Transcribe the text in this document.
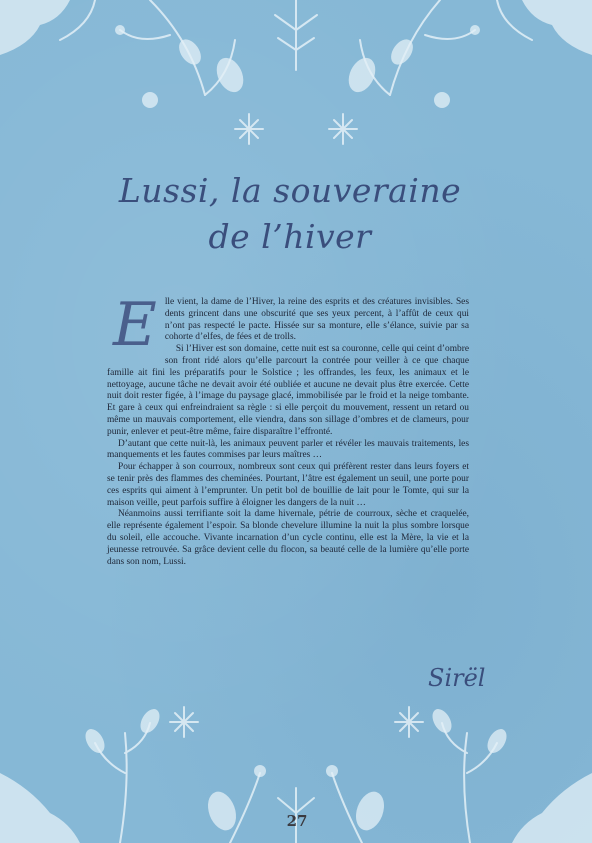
Lussi, la souveraine
de l’hiver

Elle vient, la dame de l’Hiver, la reine des esprits et des créatures invisibles. Ses dents grincent dans une obscurité que ses yeux percent, à l’affût de ceux qui n’ont pas respecté le pacte. Hissée sur sa monture, elle s’élance, suivie par sa cohorte d’elfes, de fées et de trolls.

Si l’Hiver est son domaine, cette nuit est sa couronne, celle qui ceint d’ombre son front ridé alors qu’elle parcourt la contrée pour veiller à ce que chaque famille ait fini les préparatifs pour le Solstice ; les offrandes, les feux, les animaux et le nettoyage, aucune tâche ne devait avoir été oubliée et aucune ne devait plus être exercée. Cette nuit doit rester figée, à l’image du paysage glacé, immobilisée par le froid et la neige tombante. Et gare à ceux qui enfreindraient sa règle : si elle perçoit du mouvement, ressent un retard ou même un mauvais comportement, elle viendra, dans son sillage d’ombres et de clameurs, pour punir, enlever et peut-être même, faire disparaître l’effronté.

D’autant que cette nuit-là, les animaux peuvent parler et révéler les mauvais traitements, les manquements et les fautes commises par leurs maîtres …

Pour échapper à son courroux, nombreux sont ceux qui préfèrent rester dans leurs foyers et se tenir près des flammes des cheminées. Pourtant, l’âtre est également un seuil, une porte pour ces esprits qui aiment à l’emprunter. Un petit bol de bouillie de lait pour le Tomte, qui sur la maison veille, peut parfois suffire à éloigner les dangers de la nuit …

Néanmoins aussi terrifiante soit la dame hivernale, pétrie de courroux, sèche et craquelée, elle représente également l’espoir. Sa blonde chevelure illumine la nuit la plus sombre lorsque du soleil, elle accouche. Vivante incarnation d’un cycle continu, elle est la Mère, la vie et la jeunesse retrouvée. Sa grâce devient celle du flocon, sa beauté celle de la lumière qu’elle porte dans son nom, Lussi.

Sirël
27
